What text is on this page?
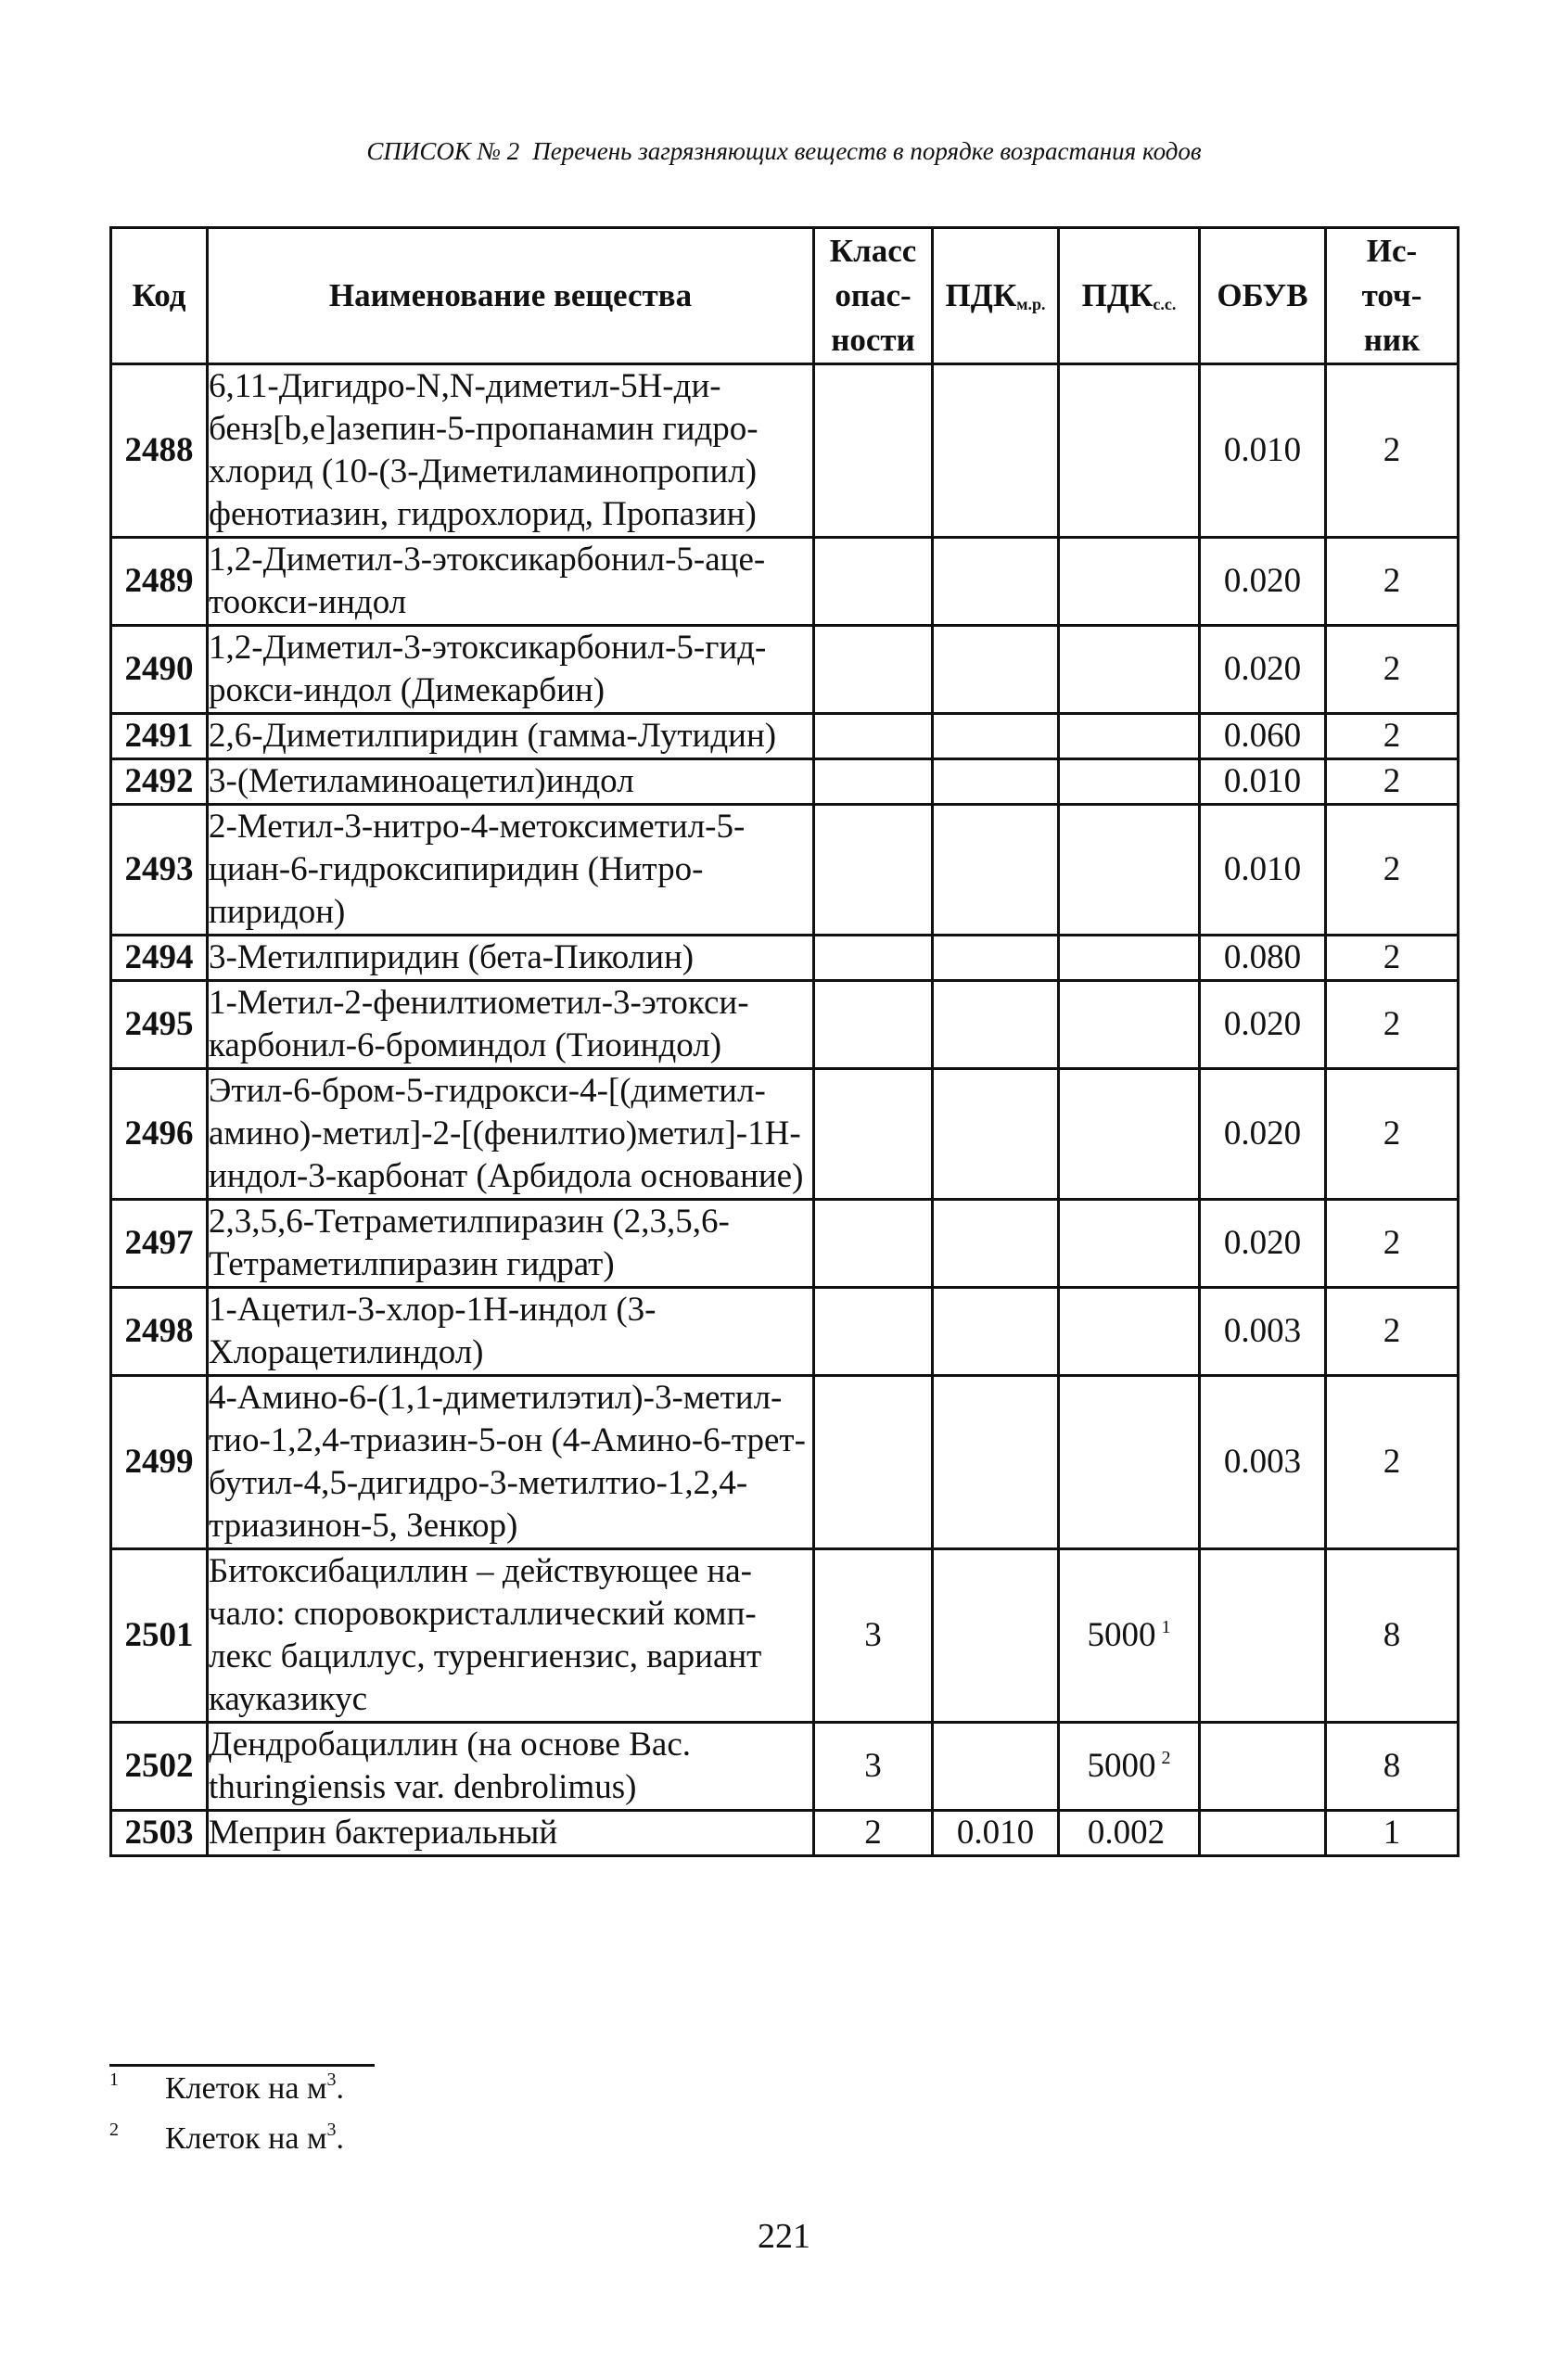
СПИСОК № 2 Перечень загрязняющих веществ в порядке возрастания кодов
Код	Наименование вещества	Класс опас-ности	$ПДК_{м.р.}$	$ПДК_{с.с.}$	ОБУВ	Ис-точ-ник

2488	6,11-Дигидро-N,N-диметил-5Н-ди-бенз[b,e]азепин-5-пропанамин гидро-хлорид (10-(3-Диметиламинопропил) фенотиазин, гидрохлорид, Пропазин)				0.010	2
2489	1,2-Диметил-3-этоксикарбонил-5-аце-тоокси-индол				0.020	2
2490	1,2-Диметил-3-этоксикарбонил-5-гид-рокси-индол (Димекарбин)				0.020	2
2491	2,6-Диметилпиридин (гамма-Лутидин)				0.060	2
2492	3-(Метиламиноацетил)индол				0.010	2
2493	2-Метил-3-нитро-4-метоксиметил-5-циан-6-гидроксипиридин (Нитро-пиридон)				0.010	2
2494	3-Метилпиридин (бета-Пиколин)				0.080	2
2495	1-Метил-2-фенилтиометил-3-этокси-карбонил-6-броминдол (Тиоиндол)				0.020	2
2496	Этил-6-бром-5-гидрокси-4-[(диметил-амино)-метил]-2-[(фенилтио)метил]-1Н-индол-3-карбонат (Арбидола основание)				0.020	2
2497	2,3,5,6-Тетраметилпиразин (2,3,5,6-Тетраметилпиразин гидрат)				0.020	2
2498	1-Ацетил-3-хлор-1Н-индол (3-Хлорацетилиндол)				0.003	2
2499	4-Амино-6-(1,1-диметилэтил)-3-метил-тио-1,2,4-триазин-5-он (4-Амино-6-трет-бутил-4,5-дигидро-3-метилтио-1,2,4-триазинон-5, Зенкор)				0.003	2
2501	Битоксибациллин – действующее на-чало: споровокристаллический комп-лекс бациллус, туренгиензис, вариант кауказикус	3		5000 $^1$		8
2502	Дендробациллин (на основе Вас. thuringiensis var. denbrolimus)	3		5000 $^2$		8
2503	Меприн бактериальный	2	0.010	0.002		1
1 Клеток на $м^3$.
2 Клеток на $м^3$.
221
